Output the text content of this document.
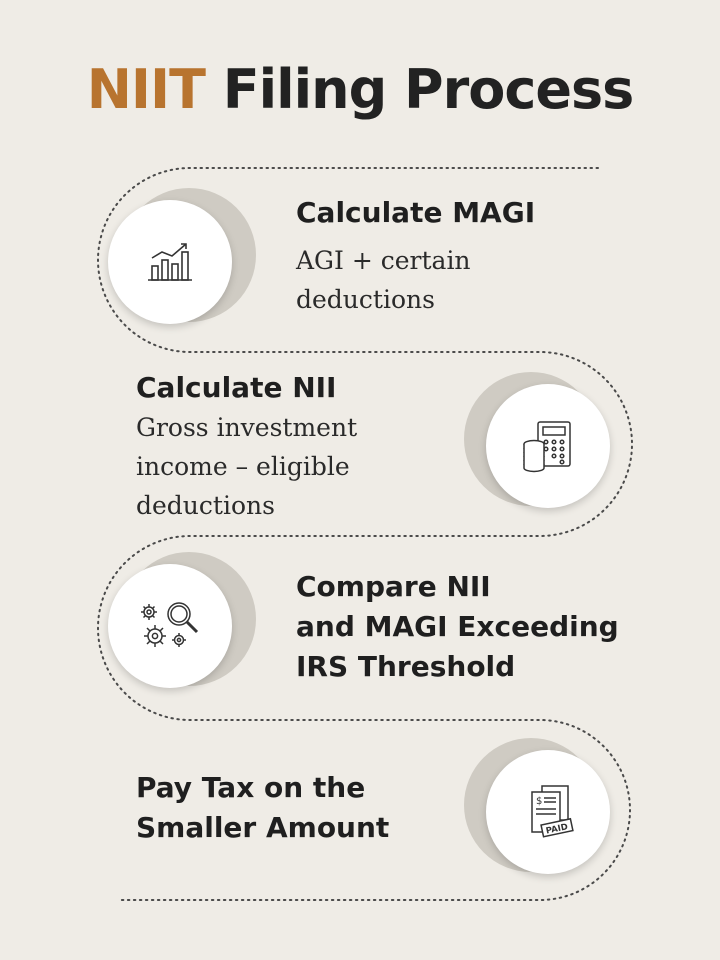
NIIT Filing Process
Calculate MAGI
AGI + certain
deductions
Calculate NII
Gross investment
income – eligible
deductions
Compare NII
and MAGI Exceeding
IRS Threshold
Pay Tax on the
Smaller Amount
$
PAID
